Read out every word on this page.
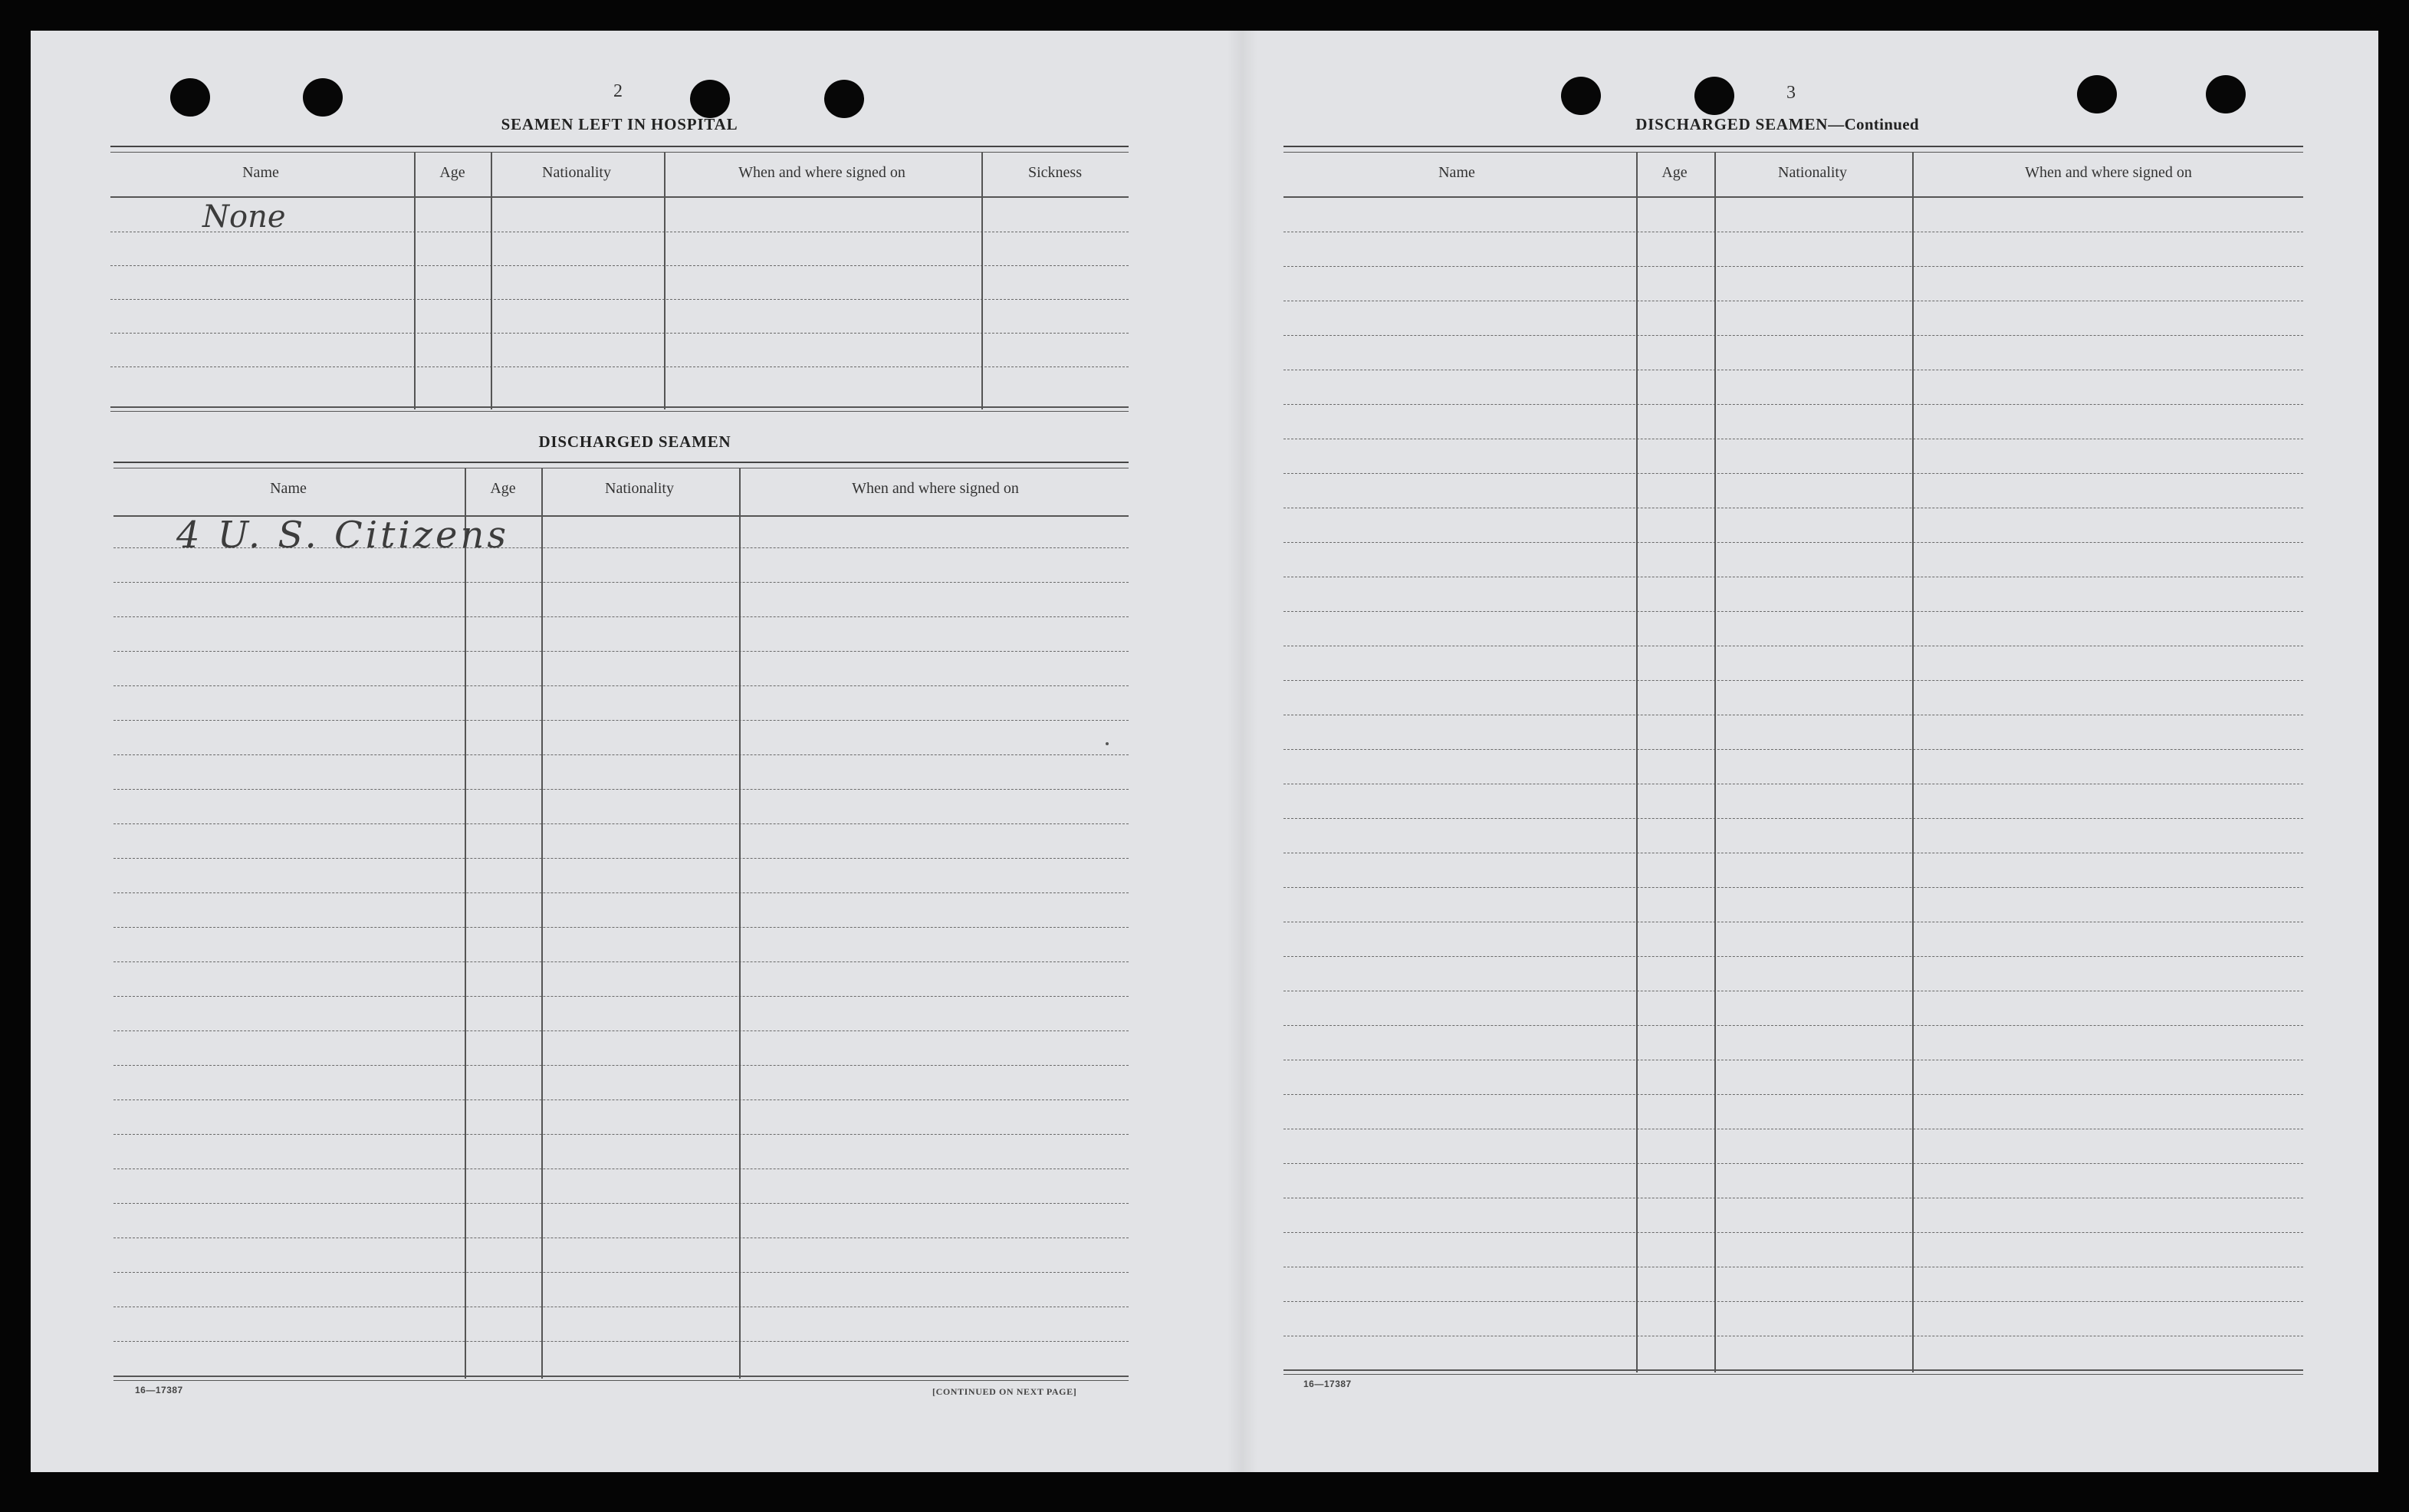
2
SEAMEN LEFT IN HOSPITAL
Name	Age	Nationality	When and where signed on	Sickness
None
DISCHARGED SEAMEN
Name	Age	Nationality	When and where signed on
4 U. S. Citizens
16—17387	[CONTINUED ON NEXT PAGE]
3
DISCHARGED SEAMEN—Continued
Name	Age	Nationality	When and where signed on
16—17387
